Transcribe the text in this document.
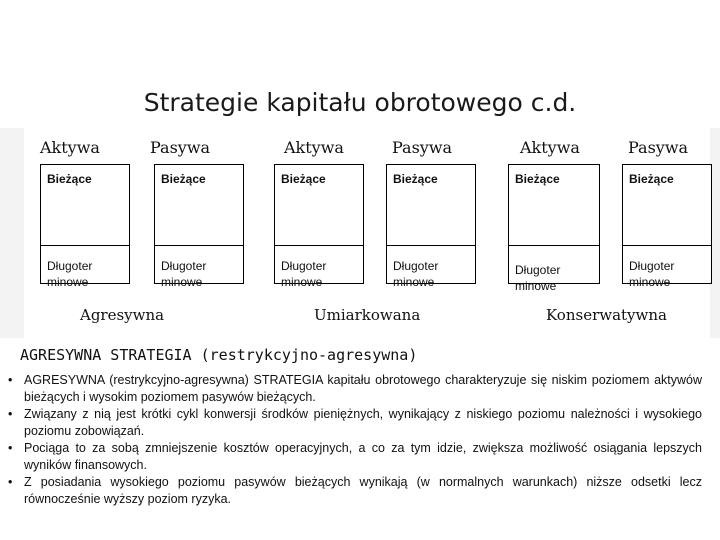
Strategie kapitału obrotowego c.d.
Aktywa	Pasywa
Bieżące
Długoter
minowe
Bieżące
Długoter
minowe
Agresywna
Aktywa	Pasywa
Bieżące
Długoter
minowe
Bieżące
Długoter
minowe
Umiarkowana
Aktywa	Pasywa
Bieżące
Długoter
minowe
Bieżące
Długoter
minowe
Konserwatywna
AGRESYWNA STRATEGIA (restrykcyjno-agresywna)
• AGRESYWNA (restrykcyjno-agresywna) STRATEGIA kapitału obrotowego charakteryzuje się niskim poziomem aktywów bieżących i wysokim poziomem pasywów bieżących.
• Związany z nią jest krótki cykl konwersji środków pieniężnych, wynikający z niskiego poziomu należności i wysokiego poziomu zobowiązań.
• Pociąga to za sobą zmniejszenie kosztów operacyjnych, a co za tym idzie, zwiększa możliwość osiągania lepszych wyników finansowych.
• Z posiadania wysokiego poziomu pasywów bieżących wynikają (w normalnych warunkach) niższe odsetki lecz równocześnie wyższy poziom ryzyka.
